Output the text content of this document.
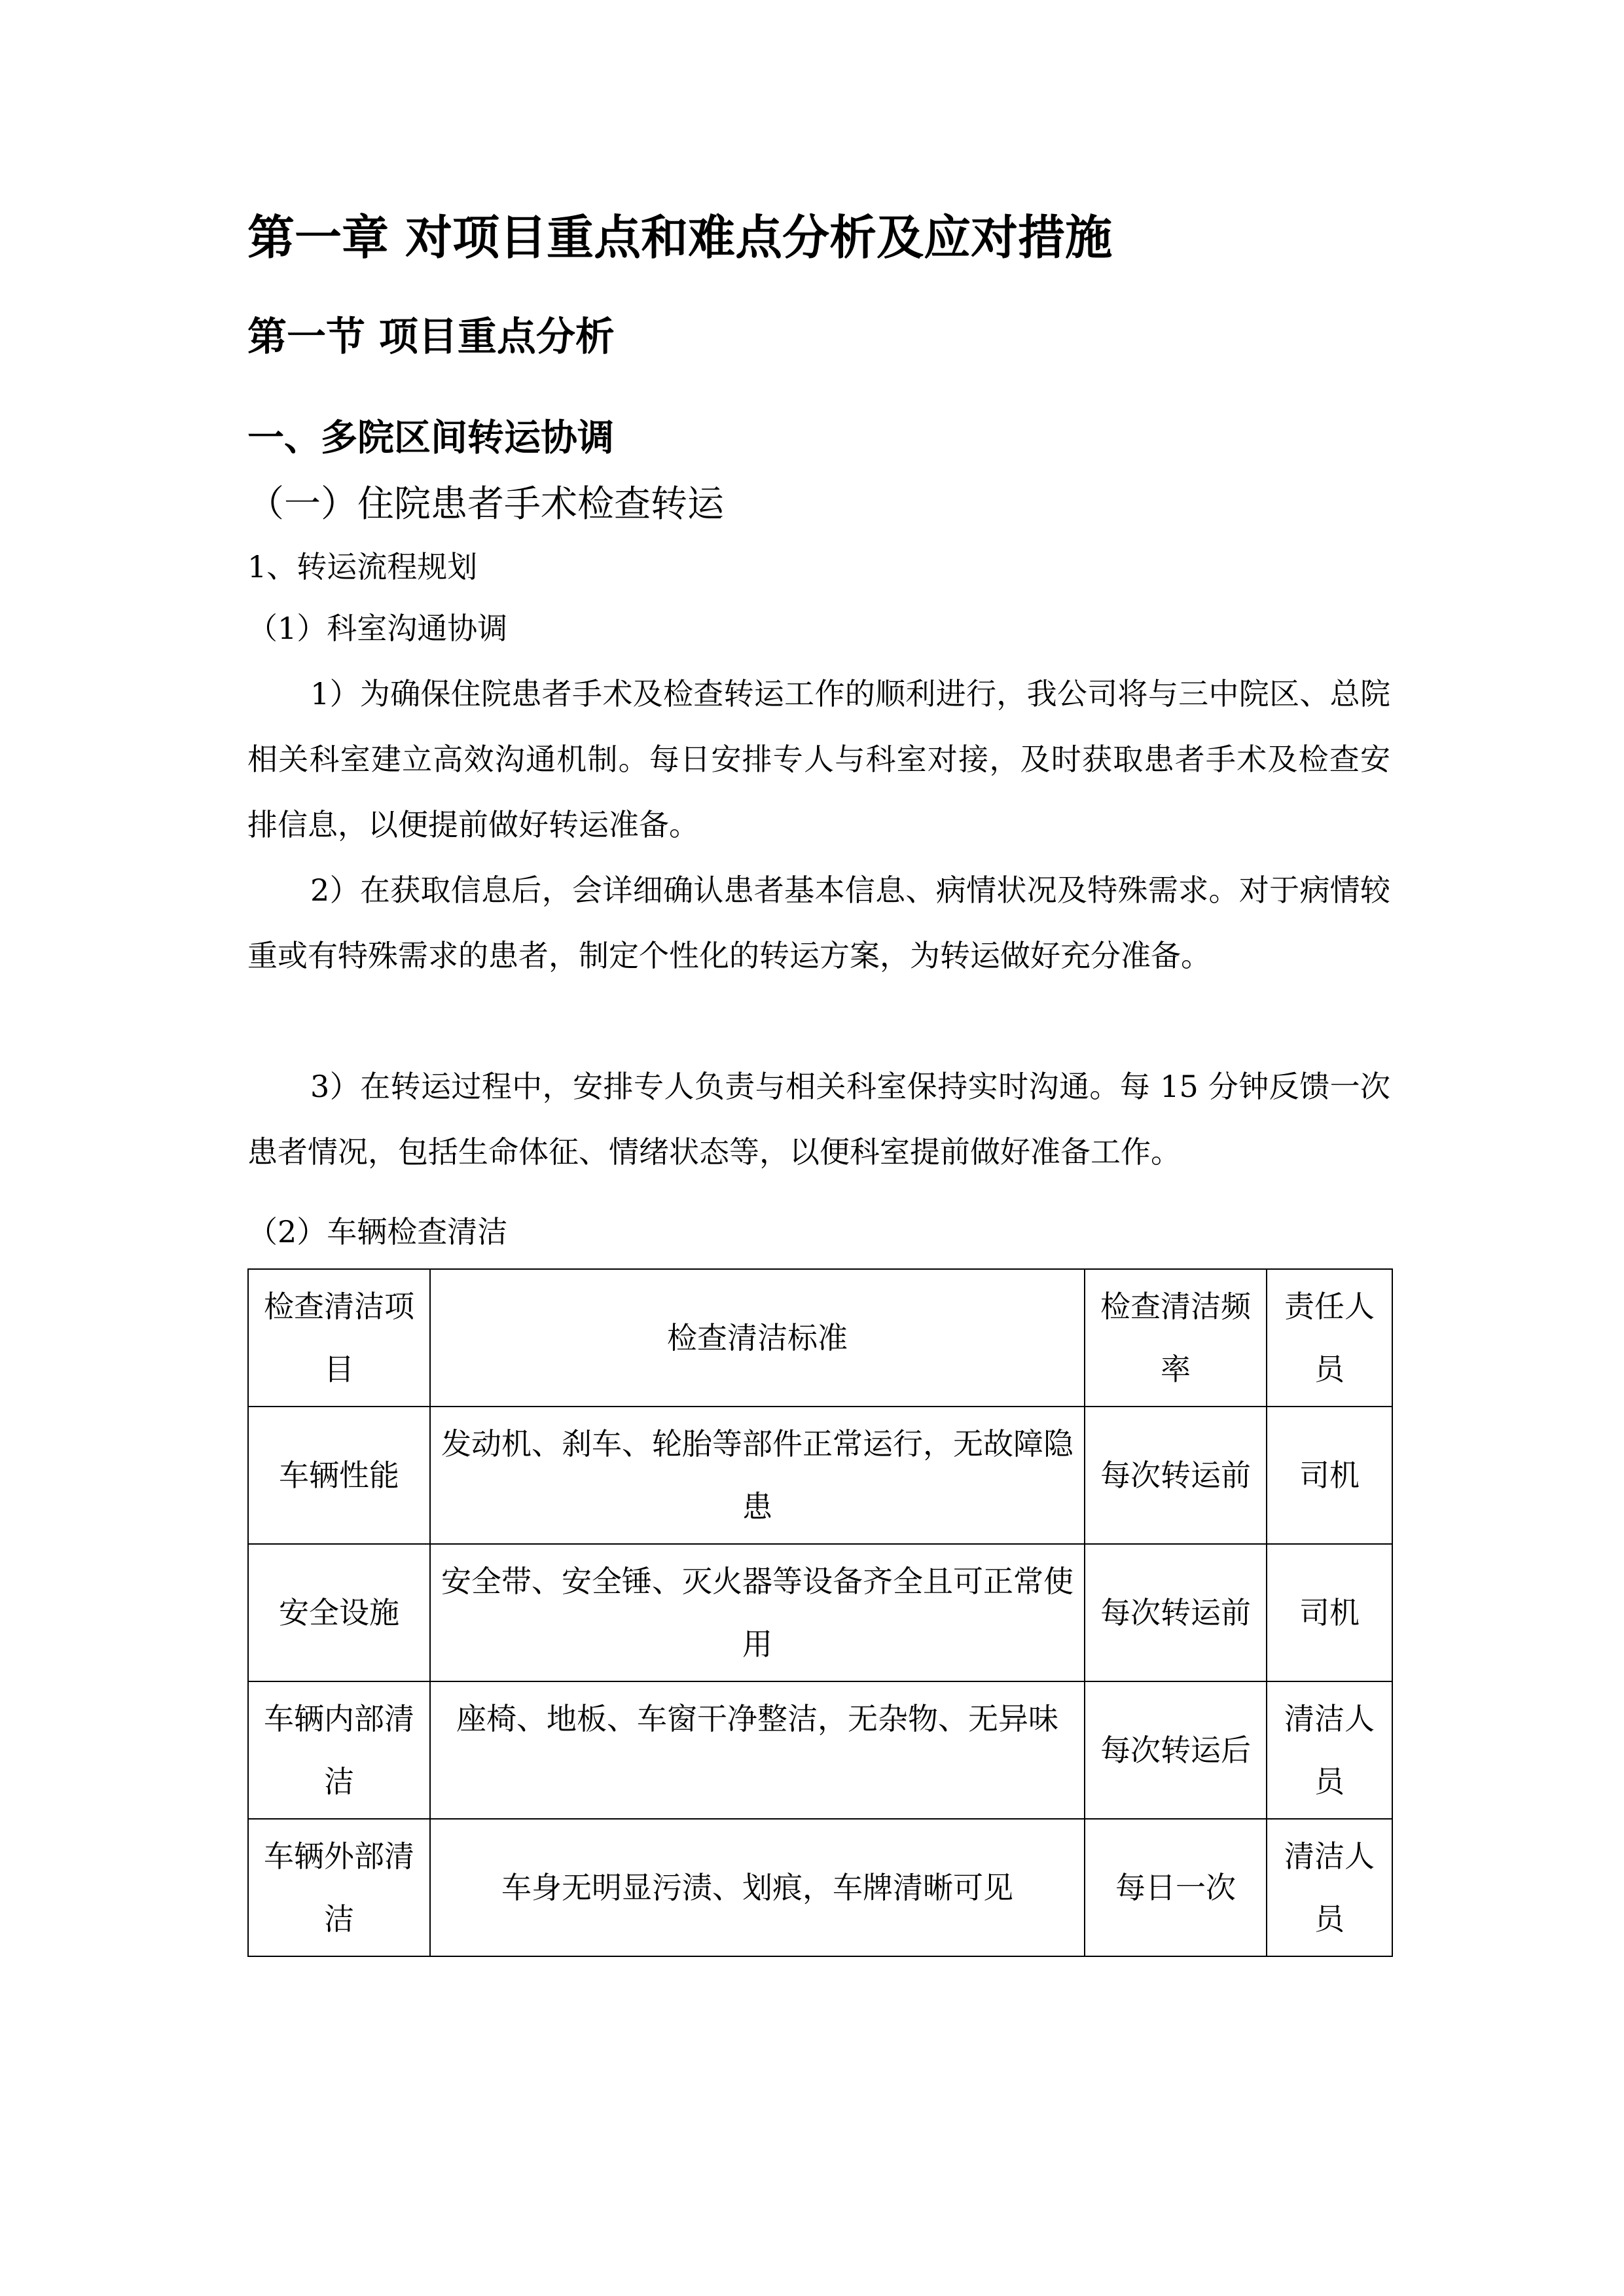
第一章 对项目重点和难点分析及应对措施
第一节 项目重点分析
一、多院区间转运协调
（一）住院患者手术检查转运
1、转运流程规划
（1）科室沟通协调

1）为确保住院患者手术及检查转运工作的顺利进行，我公司将与三中院区、总院相关科室建立高效沟通机制。每日安排专人与科室对接，及时获取患者手术及检查安排信息，以便提前做好转运准备。

2）在获取信息后，会详细确认患者基本信息、病情状况及特殊需求。对于病情较重或有特殊需求的患者，制定个性化的转运方案，为转运做好充分准备。

3）在转运过程中，安排专人负责与相关科室保持实时沟通。每 15 分钟反馈一次患者情况，包括生命体征、情绪状态等，以便科室提前做好准备工作。

（2）车辆检查清洁
检查清洁项目	检查清洁标准	检查清洁频率	责任人员
车辆性能	发动机、刹车、轮胎等部件正常运行，无故障隐患	每次转运前	司机
安全设施	安全带、安全锤、灭火器等设备齐全且可正常使用	每次转运前	司机
车辆内部清洁	座椅、地板、车窗干净整洁，无杂物、无异味	每次转运后	清洁人员
车辆外部清洁	车身无明显污渍、划痕，车牌清晰可见	每日一次	清洁人员
